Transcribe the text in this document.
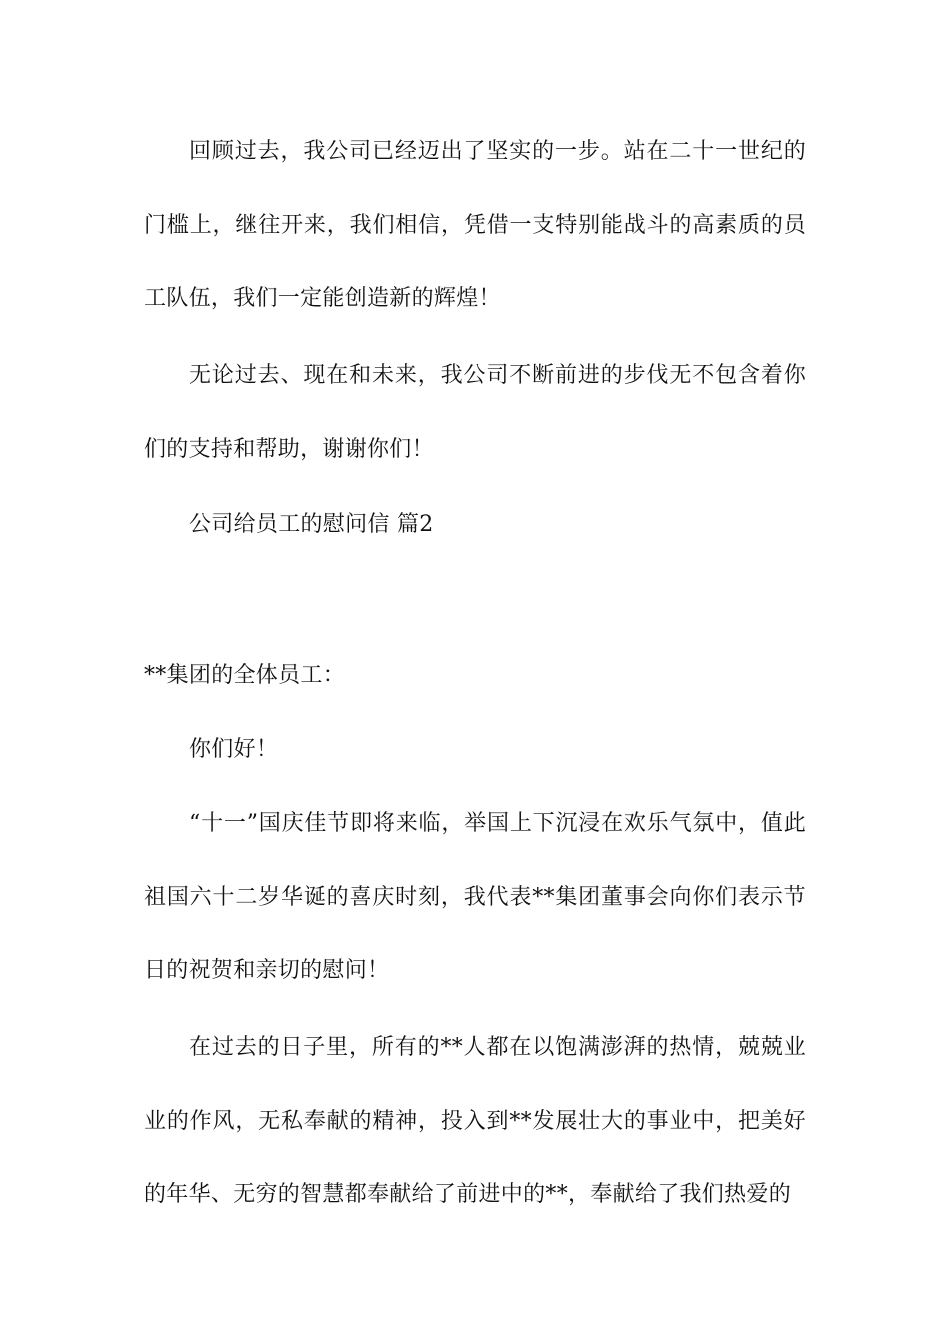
回顾过去，我公司已经迈出了坚实的一步。站在二十一世纪的门槛上，继往开来，我们相信，凭借一支特别能战斗的高素质的员工队伍，我们一定能创造新的辉煌！

无论过去、现在和未来，我公司不断前进的步伐无不包含着你们的支持和帮助，谢谢你们！

公司给员工的慰问信 篇2

**集团的全体员工：

你们好！

“十一”国庆佳节即将来临，举国上下沉浸在欢乐气氛中，值此祖国六十二岁华诞的喜庆时刻，我代表**集团董事会向你们表示节日的祝贺和亲切的慰问！

在过去的日子里，所有的**人都在以饱满澎湃的热情，兢兢业业的作风，无私奉献的精神，投入到**发展壮大的事业中，把美好的年华、无穷的智慧都奉献给了前进中的**，奉献给了我们热爱的
